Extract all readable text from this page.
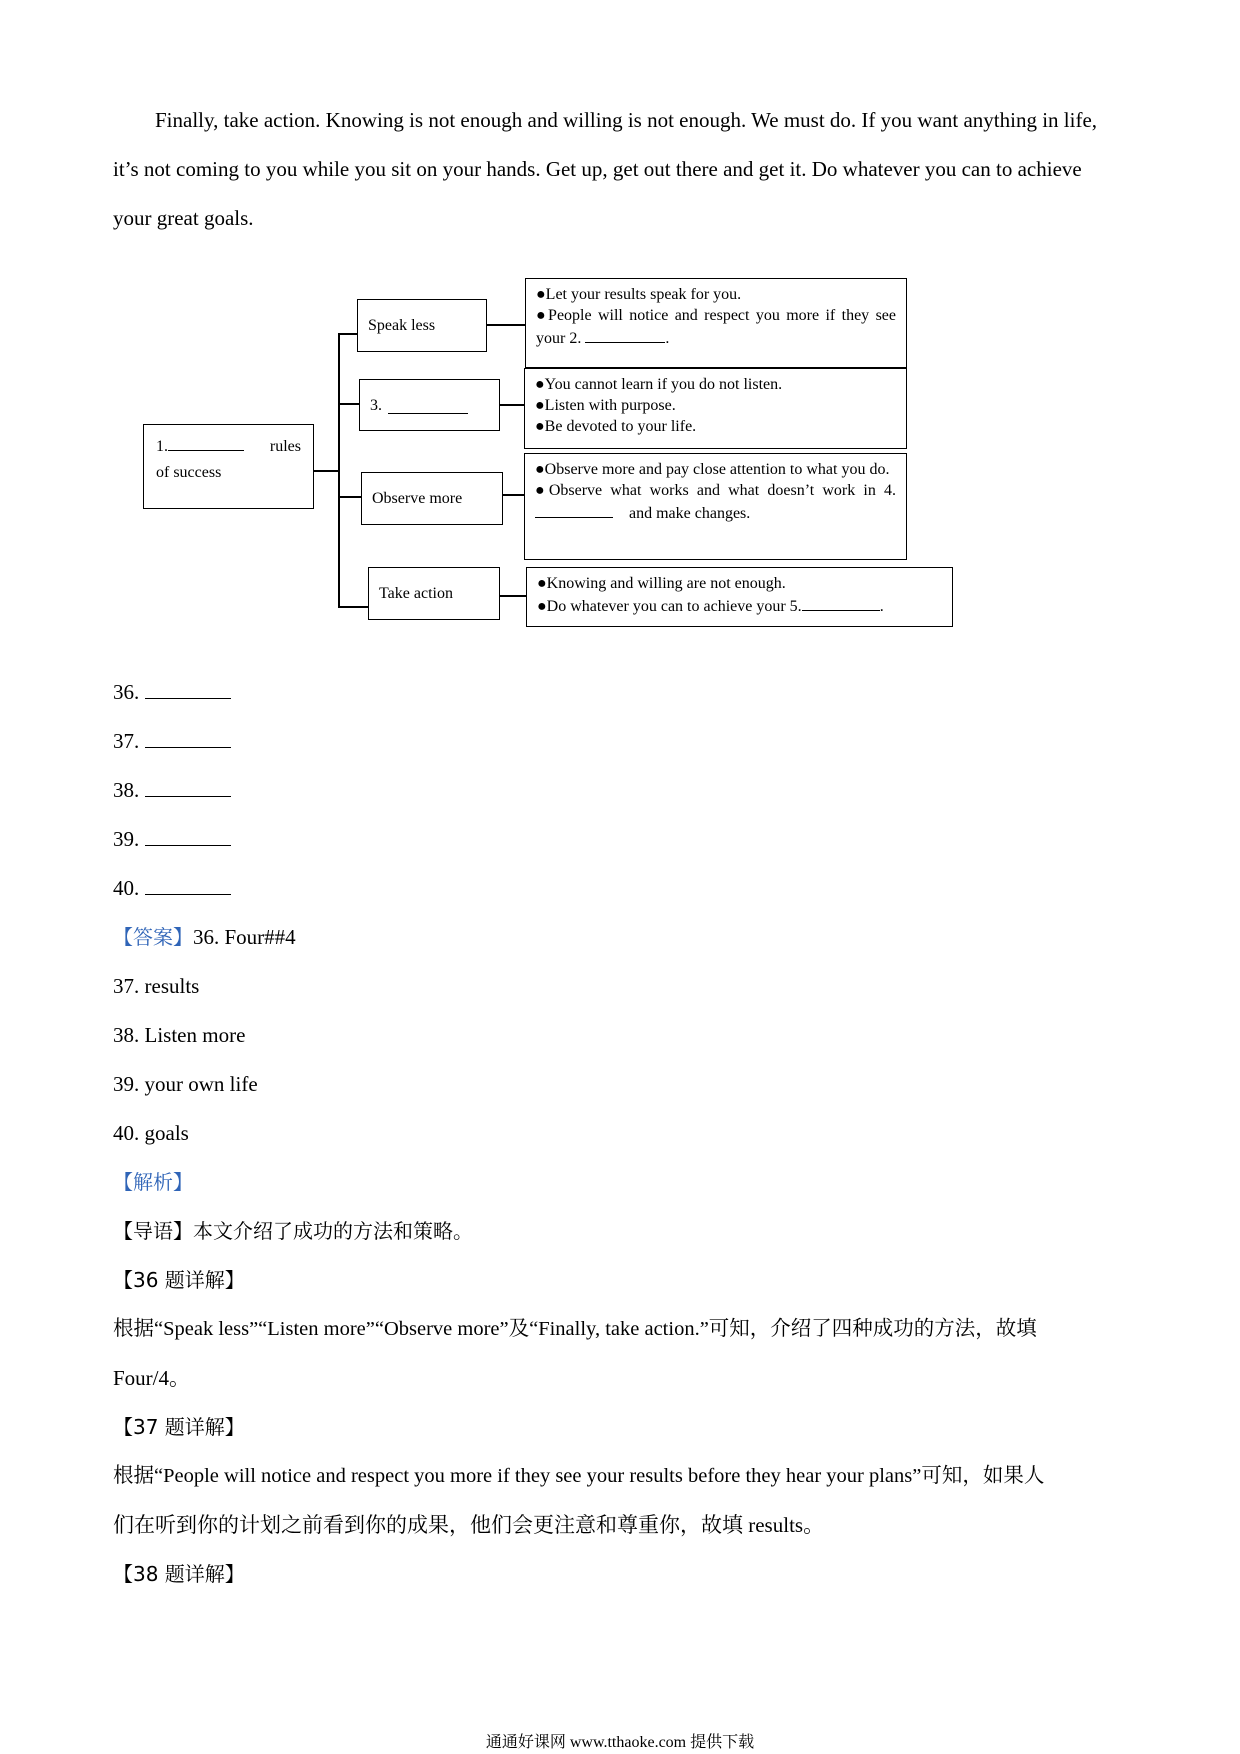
Finally, take action. Knowing is not enough and willing is not enough. We must do. If you want anything in life, it’s not coming to you while you sit on your hands. Get up, get out there and get it. Do whatever you can to achieve your great goals.

1.	rules
of success
Speak less

●Let your results speak for you.

●People will notice and respect you more if they see your 2.	.

3.

●You cannot learn if you do not listen.

●Listen with purpose.

●Be devoted to your life.

Observe more

●Observe more and pay close attention to what you do.

●Observe what works and what doesn’t work in 4.     and make changes.

Take action

●Knowing and willing are not enough.

●Do whatever you can to achieve your 5.	.

36.
37.
38.
39.
40.
【答案】36. Four##4
37. results
38. Listen more
39. your own life
40. goals
【解析】
【导语】本文介绍了成功的方法和策略。
【36 题详解】
根据“Speak less”“Listen more”“Observe more”及“Finally, take action.”可知，介绍了四种成功的方法，故填
Four/4。
【37 题详解】
根据“People will notice and respect you more if they see your results before they hear your plans”可知，如果人
们在听到你的计划之前看到你的成果，他们会更注意和尊重你，故填 results。
【38 题详解】
通通好课网 www.tthaoke.com 提供下载
